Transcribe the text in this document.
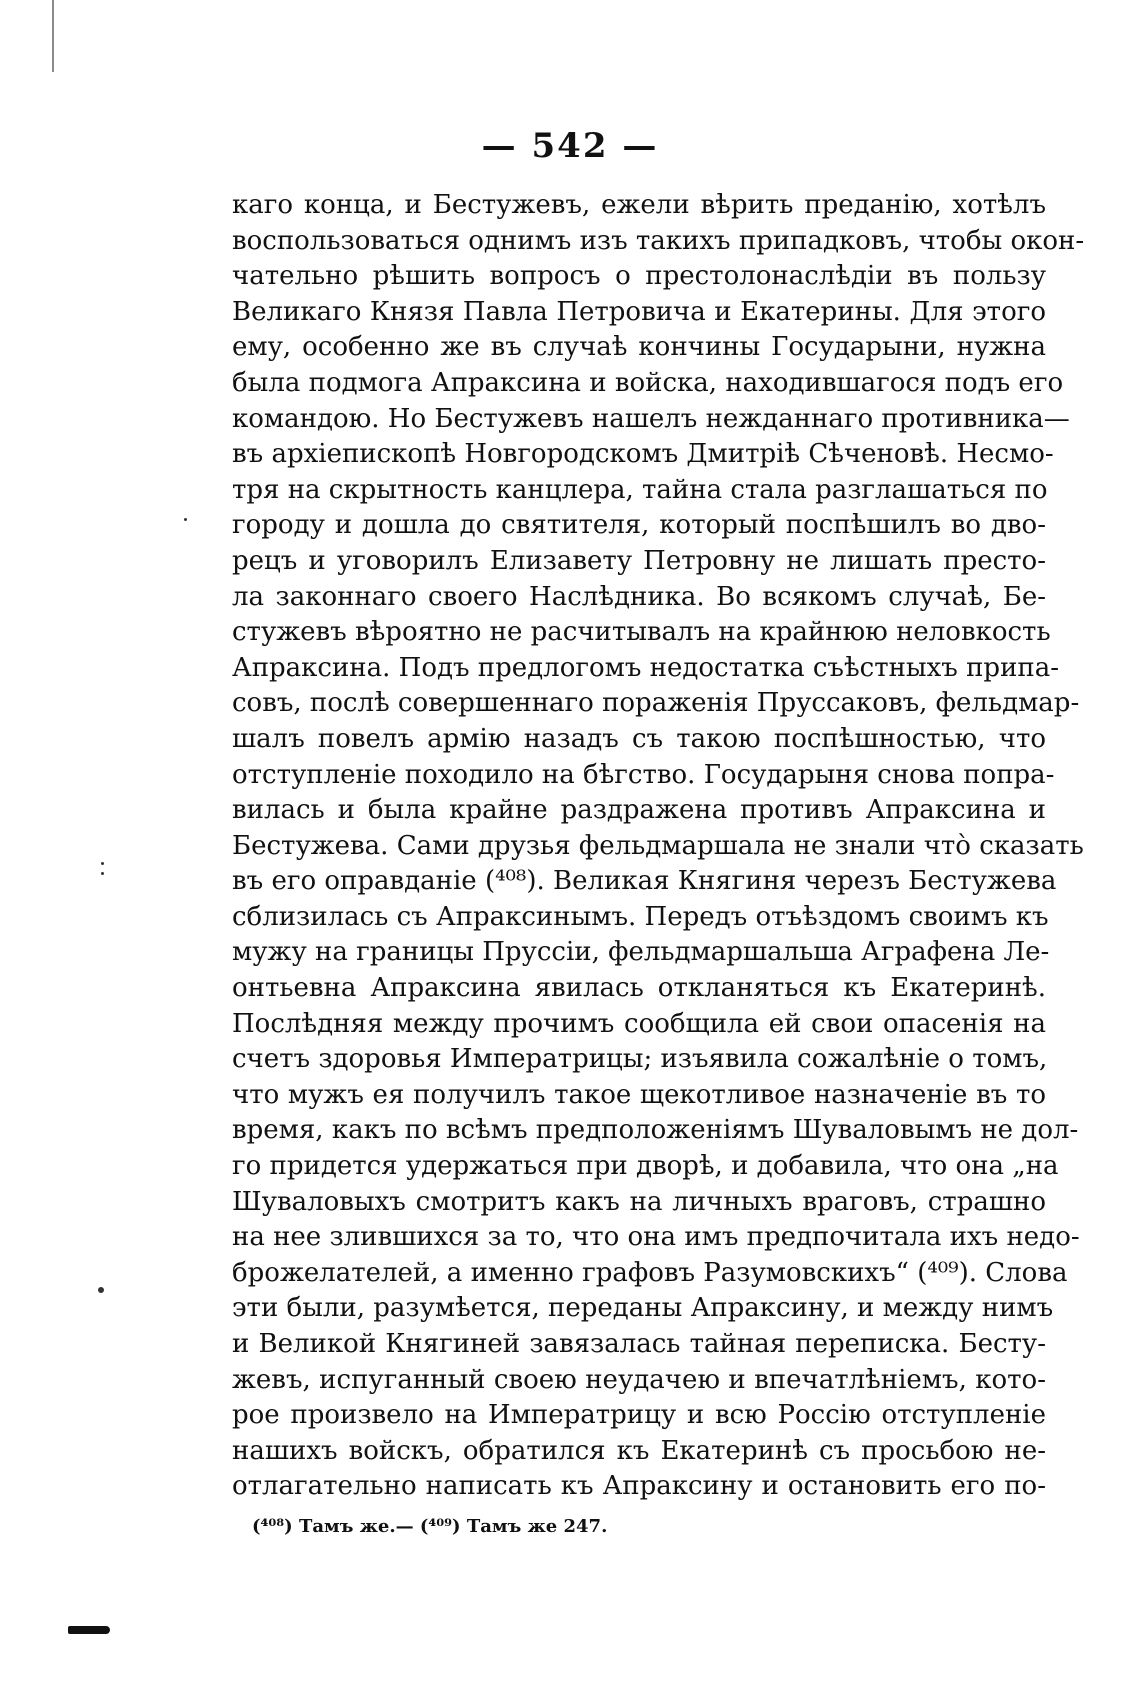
— 542 —
каго конца, и Бестужевъ, ежели вѣрить преданію, хотѣлъ
воспользоваться однимъ изъ такихъ припадковъ, чтобы окон-
чательно рѣшить вопросъ о престолонаслѣдіи въ пользу
Великаго Князя Павла Петровича и Екатерины. Для этого
ему, особенно же въ случаѣ кончины Государыни, нужна
была подмога Апраксина и войска, находившагося подъ его
командою. Но Бестужевъ нашелъ нежданнаго противника—
въ архіепископѣ Новгородскомъ Дмитріѣ Сѣченовѣ. Несмо-
тря на скрытность канцлера, тайна стала разглашаться по
городу и дошла до святителя, который поспѣшилъ во дво-
рецъ и уговорилъ Елизавету Петровну не лишать престо-
ла законнаго своего Наслѣдника. Во всякомъ случаѣ, Бе-
стужевъ вѣроятно не расчитывалъ на крайнюю неловкость
Апраксина. Подъ предлогомъ недостатка съѣстныхъ припа-
совъ, послѣ совершеннаго пораженія Пруссаковъ, фельдмар-
шалъ повелъ армію назадъ съ такою поспѣшностью, что
отступленіе походило на бѣгство. Государыня снова попра-
вилась и была крайне раздражена противъ Апраксина и
Бестужева. Сами друзья фельдмаршала не знали что̀ сказать
въ его оправданіе (⁴⁰⁸). Великая Княгиня черезъ Бестужева
сблизилась съ Апраксинымъ. Передъ отъѣздомъ своимъ къ
мужу на границы Пруссіи, фельдмаршальша Аграфена Ле-
онтьевна Апраксина явилась откланяться къ Екатеринѣ.
Послѣдняя между прочимъ сообщила ей свои опасенія на
счетъ здоровья Императрицы; изъявила сожалѣніе о томъ,
что мужъ ея получилъ такое щекотливое назначеніе въ то
время, какъ по всѣмъ предположеніямъ Шуваловымъ не дол-
го придется удержаться при дворѣ, и добавила, что она „на
Шуваловыхъ смотритъ какъ на личныхъ враговъ, страшно
на нее злившихся за то, что она имъ предпочитала ихъ недо-
брожелателей, а именно графовъ Разумовскихъ“ (⁴⁰⁹). Слова
эти были, разумѣется, переданы Апраксину, и между нимъ
и Великой Княгиней завязалась тайная переписка. Бесту-
жевъ, испуганный своею неудачею и впечатлѣніемъ, кото-
рое произвело на Императрицу и всю Россію отступленіе
нашихъ войскъ, обратился къ Екатеринѣ съ просьбою не-
отлагательно написать къ Апраксину и остановить его по-
(⁴⁰⁸) Тамъ же.— (⁴⁰⁹) Тамъ же 247.
